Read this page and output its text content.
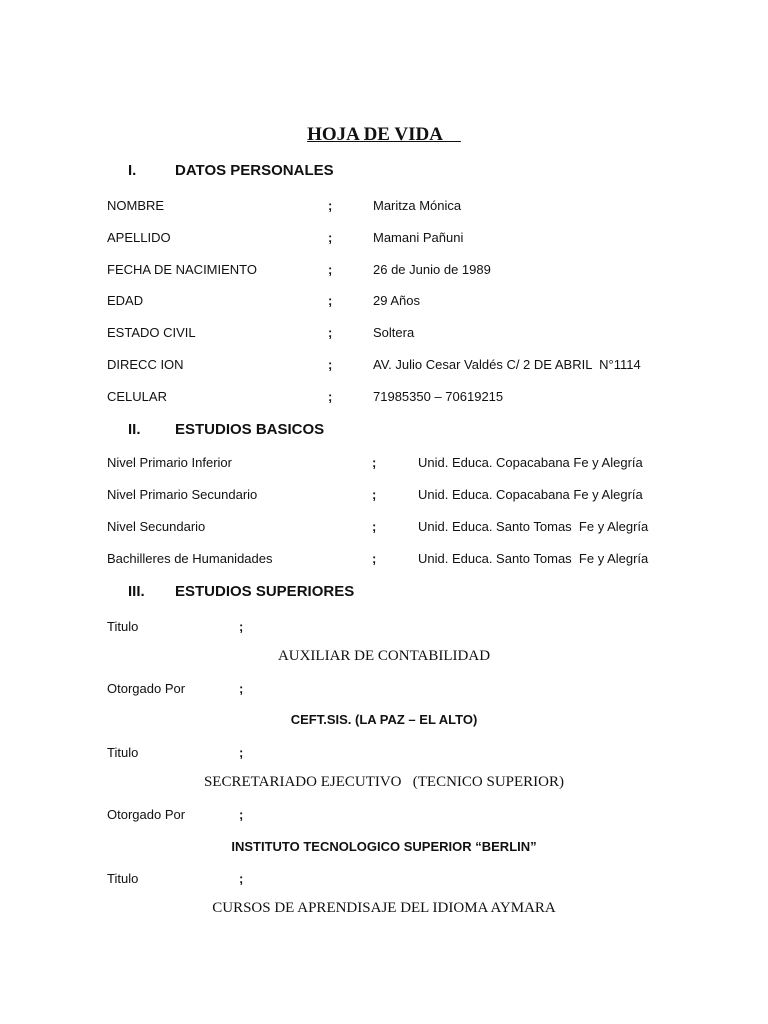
HOJA DE VIDA
I.	DATOS PERSONALES
NOMBRE	;	Maritza Mónica
APELLIDO	;	Mamani Pañuni
FECHA DE NACIMIENTO	;	26 de Junio de 1989
EDAD	;	29 Años
ESTADO CIVIL	;	Soltera
DIRECC ION	;	AV. Julio Cesar Valdés C/ 2 DE ABRIL  N°1114
CELULAR	;	71985350 – 70619215
II. ESTUDIOS BASICOS
Nivel Primario Inferior	;	Unid. Educa. Copacabana Fe y Alegría
Nivel Primario Secundario	;	Unid. Educa. Copacabana Fe y Alegría
Nivel Secundario	;	Unid. Educa. Santo Tomas  Fe y Alegría
Bachilleres de Humanidades	;	Unid. Educa. Santo Tomas  Fe y Alegría
III. ESTUDIOS SUPERIORES
Titulo	;
AUXILIAR DE CONTABILIDAD
Otorgado Por	;
CEFT.SIS. (LA PAZ – EL ALTO)
Titulo	;
SECRETARIADO EJECUTIVO   (TECNICO SUPERIOR)
Otorgado Por	;
INSTITUTO TECNOLOGICO SUPERIOR “BERLIN”
Titulo	;
CURSOS DE APRENDISAJE DEL IDIOMA AYMARA
